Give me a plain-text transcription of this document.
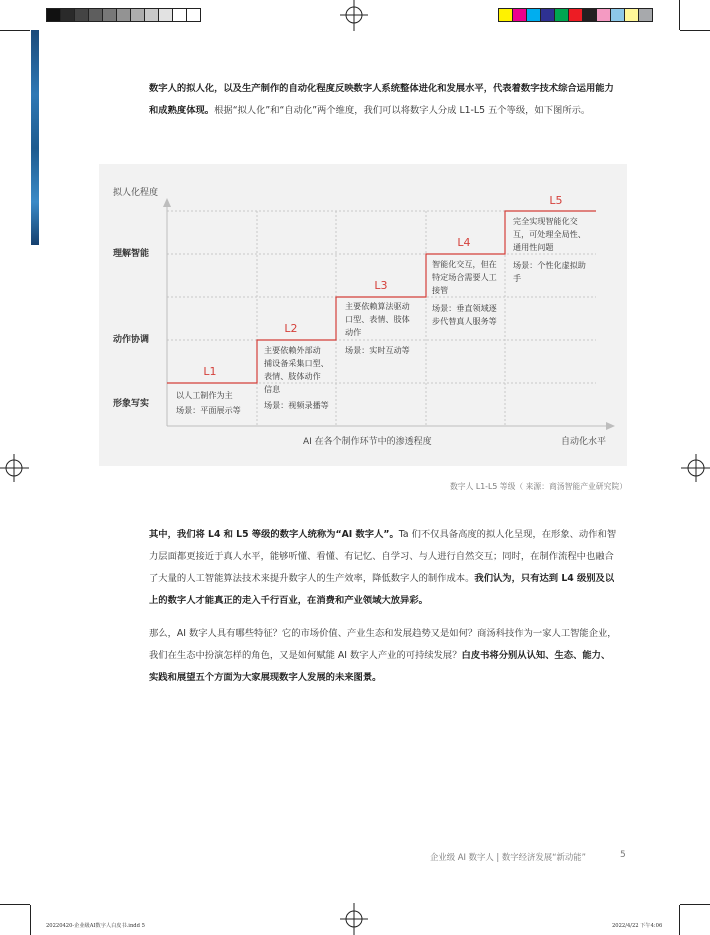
数字人的拟人化，以及生产制作的自动化程度反映数字人系统整体进化和发展水平，代表着数字技术综合运用能力和成熟度体现。根据“拟人化”和“自动化”两个维度，我们可以将数字人分成 L1-L5 五个等级，如下图所示。
拟人化程度
理解智能
动作协调
形象写实
AI 在各个制作环节中的渗透程度	自动化水平
L1
以人工制作为主
场景：平面展示等
L2
主要依赖外部动
捕设备采集口型、
表情、肢体动作
信息
场景：视频录播等
L3
主要依赖算法驱动
口型、表情、肢体
动作
场景：实时互动等
L4
智能化交互，但在
特定场合需要人工
接管
场景：垂直领域逐
步代替真人服务等
L5
完全实现智能化交
互，可处理全局性、
通用性问题
场景：个性化虚拟助
手
数字人 L1-L5 等级（ 来源：商汤智能产业研究院）
其中，我们将 L4 和 L5 等级的数字人统称为“AI 数字人”。Ta 们不仅具备高度的拟人化呈现，在形象、动作和智力层面都更接近于真人水平，能够听懂、看懂、有记忆、自学习、与人进行自然交互；同时，在制作流程中也融合了大量的人工智能算法技术来提升数字人的生产效率，降低数字人的制作成本。我们认为，只有达到 L4 级别及以上的数字人才能真正的走入千行百业，在消费和产业领域大放异彩。
那么，AI 数字人具有哪些特征？它的市场价值、产业生态和发展趋势又是如何？商汤科技作为一家人工智能企业，我们在生态中扮演怎样的角色，又是如何赋能 AI 数字人产业的可持续发展？白皮书将分别从认知、生态、能力、实践和展望五个方面为大家展现数字人发展的未来图景。
企业级 AI 数字人 | 数字经济发展“新动能”	5
20220420-企业级AI数字人白皮书.indd 5	2022/4/22 下午4:06
